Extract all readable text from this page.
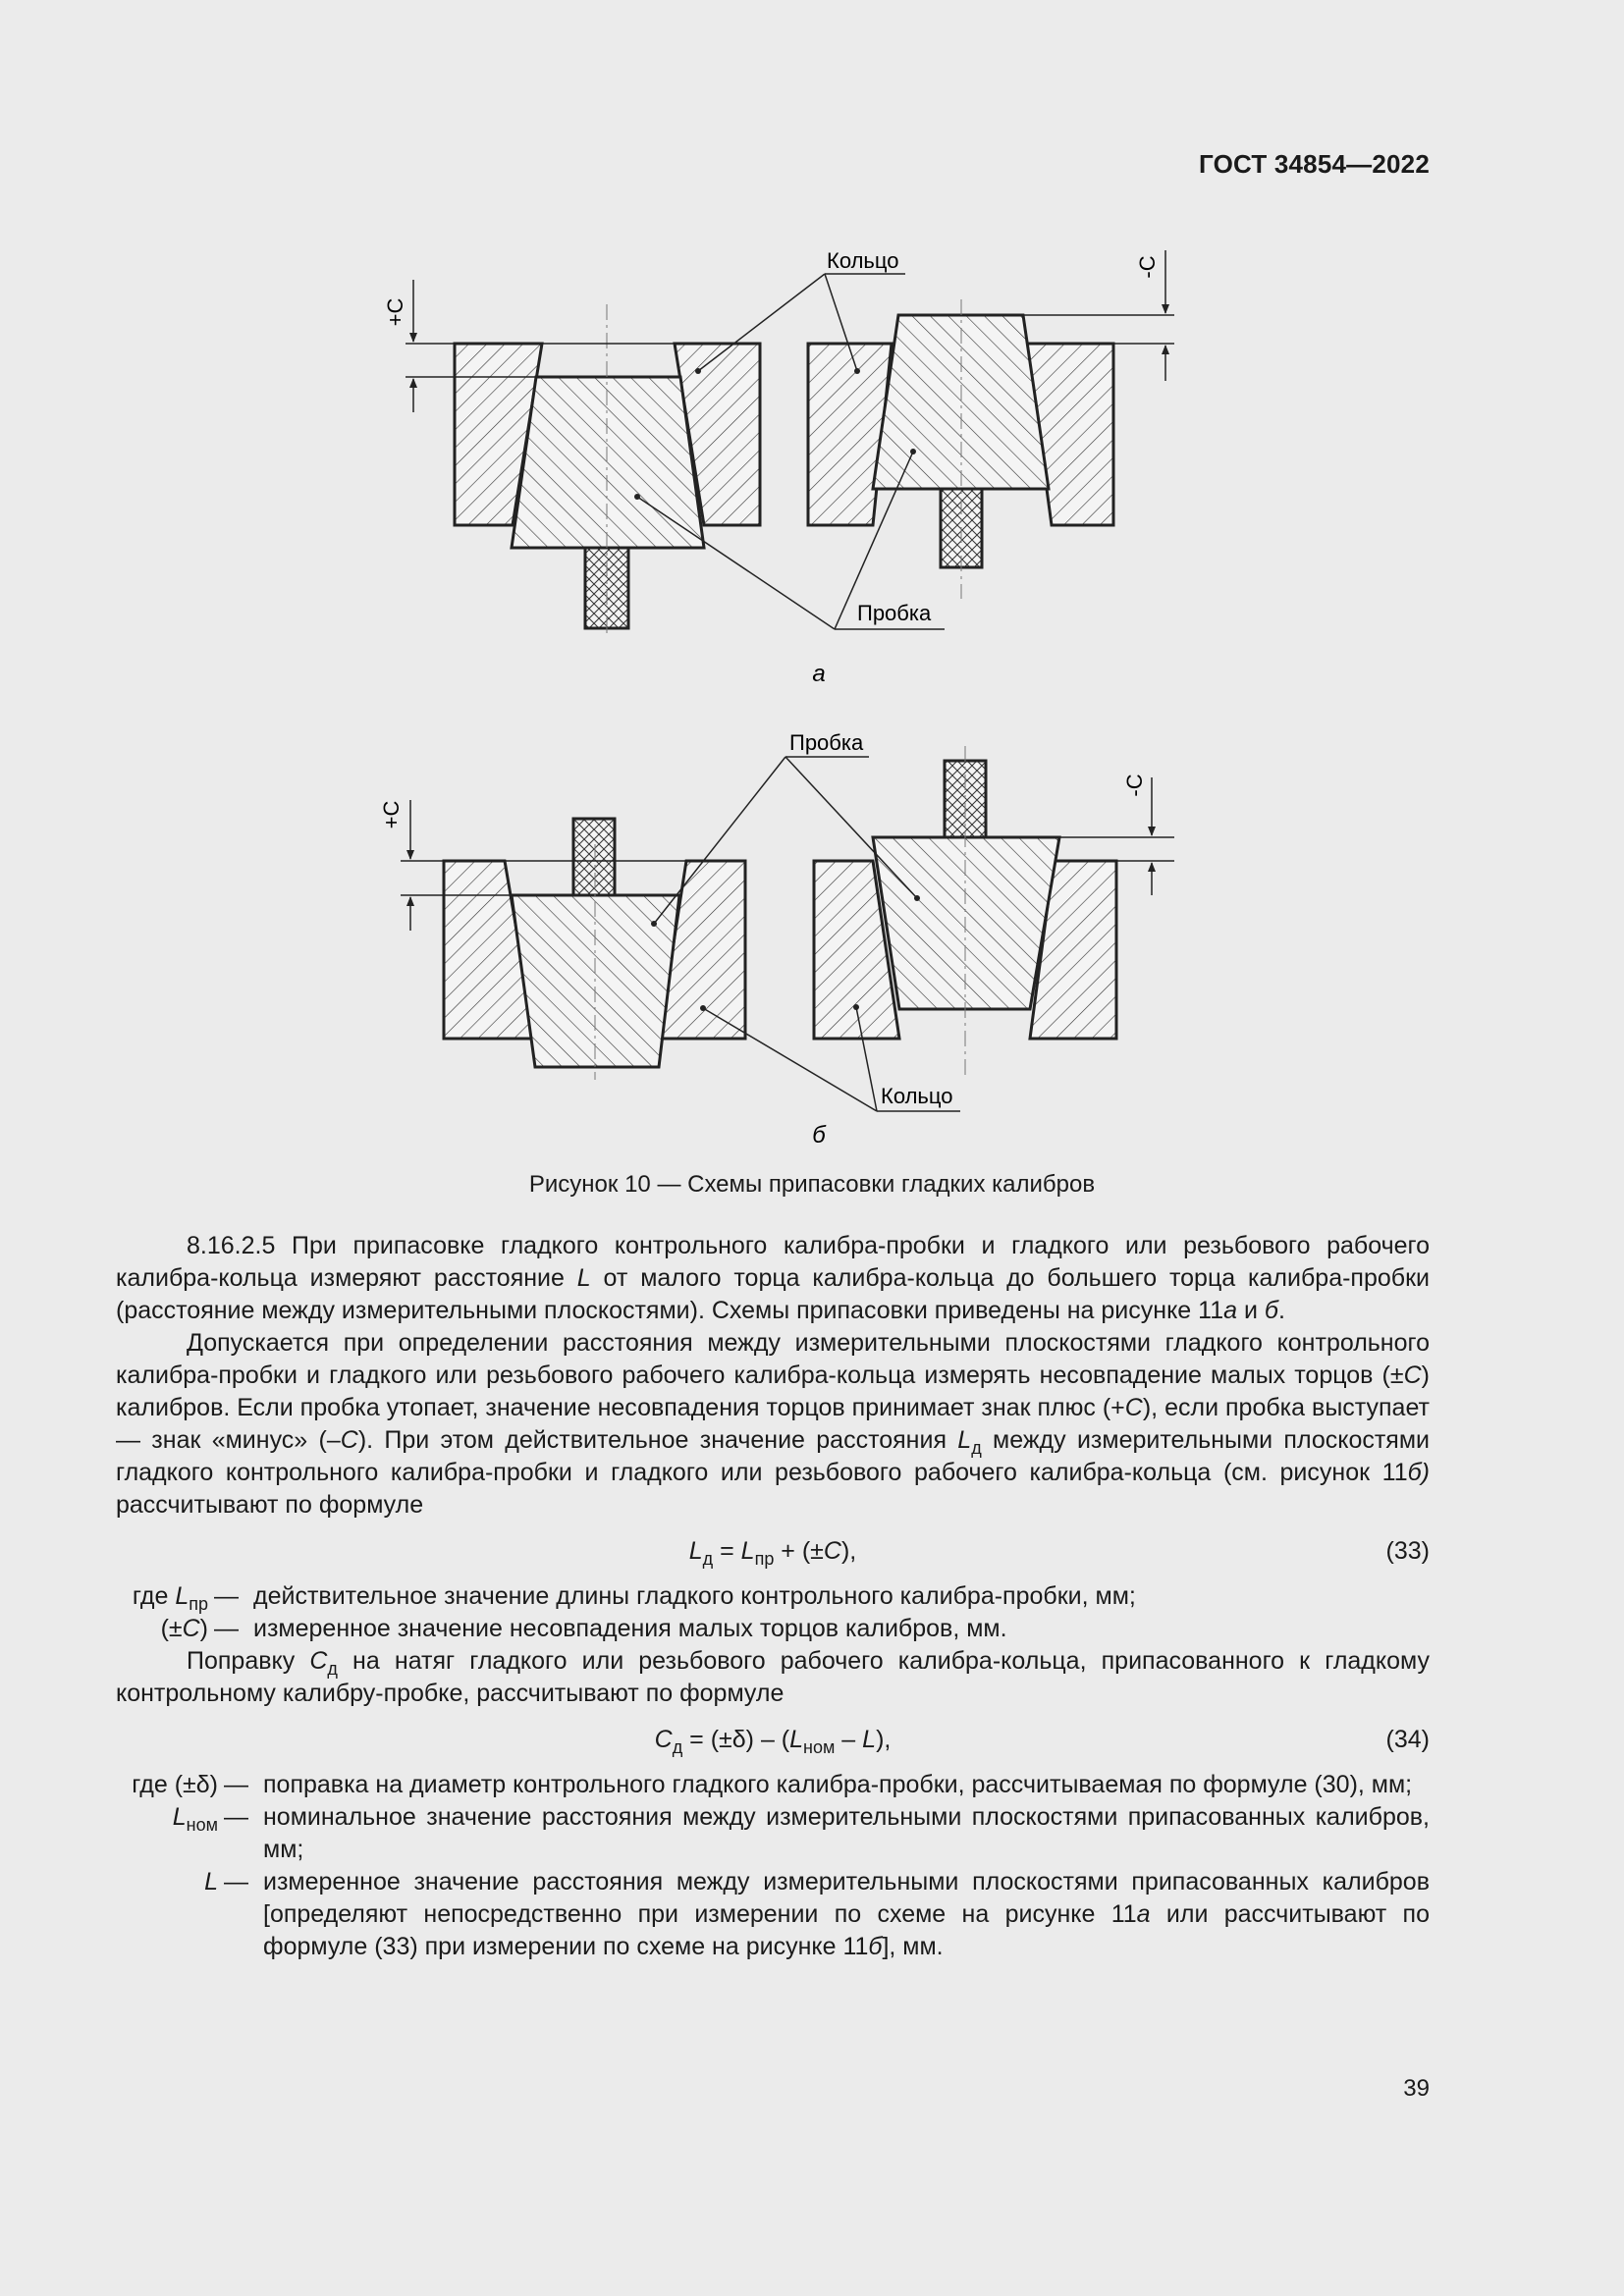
ГОСТ 34854—2022
+C
-C
Кольцо
Пробка
а
+C
-C
Пробка
Кольцо
б
Рисунок 10 — Схемы припасовки гладких калибров

8.16.2.5 При припасовке гладкого контрольного калибра-пробки и гладкого или резьбового рабочего калибра-кольца измеряют расстояние L от малого торца калибра-кольца до большего торца калибра-пробки (расстояние между измерительными плоскостями). Схемы припасовки приведены на рисунке 11а и б.

Допускается при определении расстояния между измерительными плоскостями гладкого контрольного калибра-пробки и гладкого или резьбового рабочего калибра-кольца измерять несовпадение малых торцов (±C) калибров. Если пробка утопает, значение несовпадения торцов принимает знак плюс (+C), если пробка выступает — знак «минус» (–C). При этом действительное значение расстояния $L_д$ между измерительными плоскостями гладкого контрольного калибра-пробки и гладкого или резьбового рабочего калибра-кольца (см. рисунок 11б) рассчитывают по формуле

$L_д = L_{пр} + (\pm C)$,	(33)
где $L_{пр}$	—	действительное значение длины гладкого контрольного калибра-пробки, мм;
(±C)	—	измеренное значение несовпадения малых торцов калибров, мм.

Поправку $C_д$ на натяг гладкого или резьбового рабочего калибра-кольца, припасованного к гладкому контрольному калибру-пробке, рассчитывают по формуле

$C_д = (\pm\delta) - (L_{ном} - L)$,	(34)
где (±δ)	—	поправка на диаметр контрольного гладкого калибра-пробки, рассчитываемая по формуле (30), мм;
$L_{ном}$	—	номинальное значение расстояния между измерительными плоскостями припасованных калибров, мм;
L	—	измеренное значение расстояния между измерительными плоскостями припасованных калибров [определяют непосредственно при измерении по схеме на рисунке 11а или рассчитывают по формуле (33) при измерении по схеме на рисунке 11б], мм.
39
